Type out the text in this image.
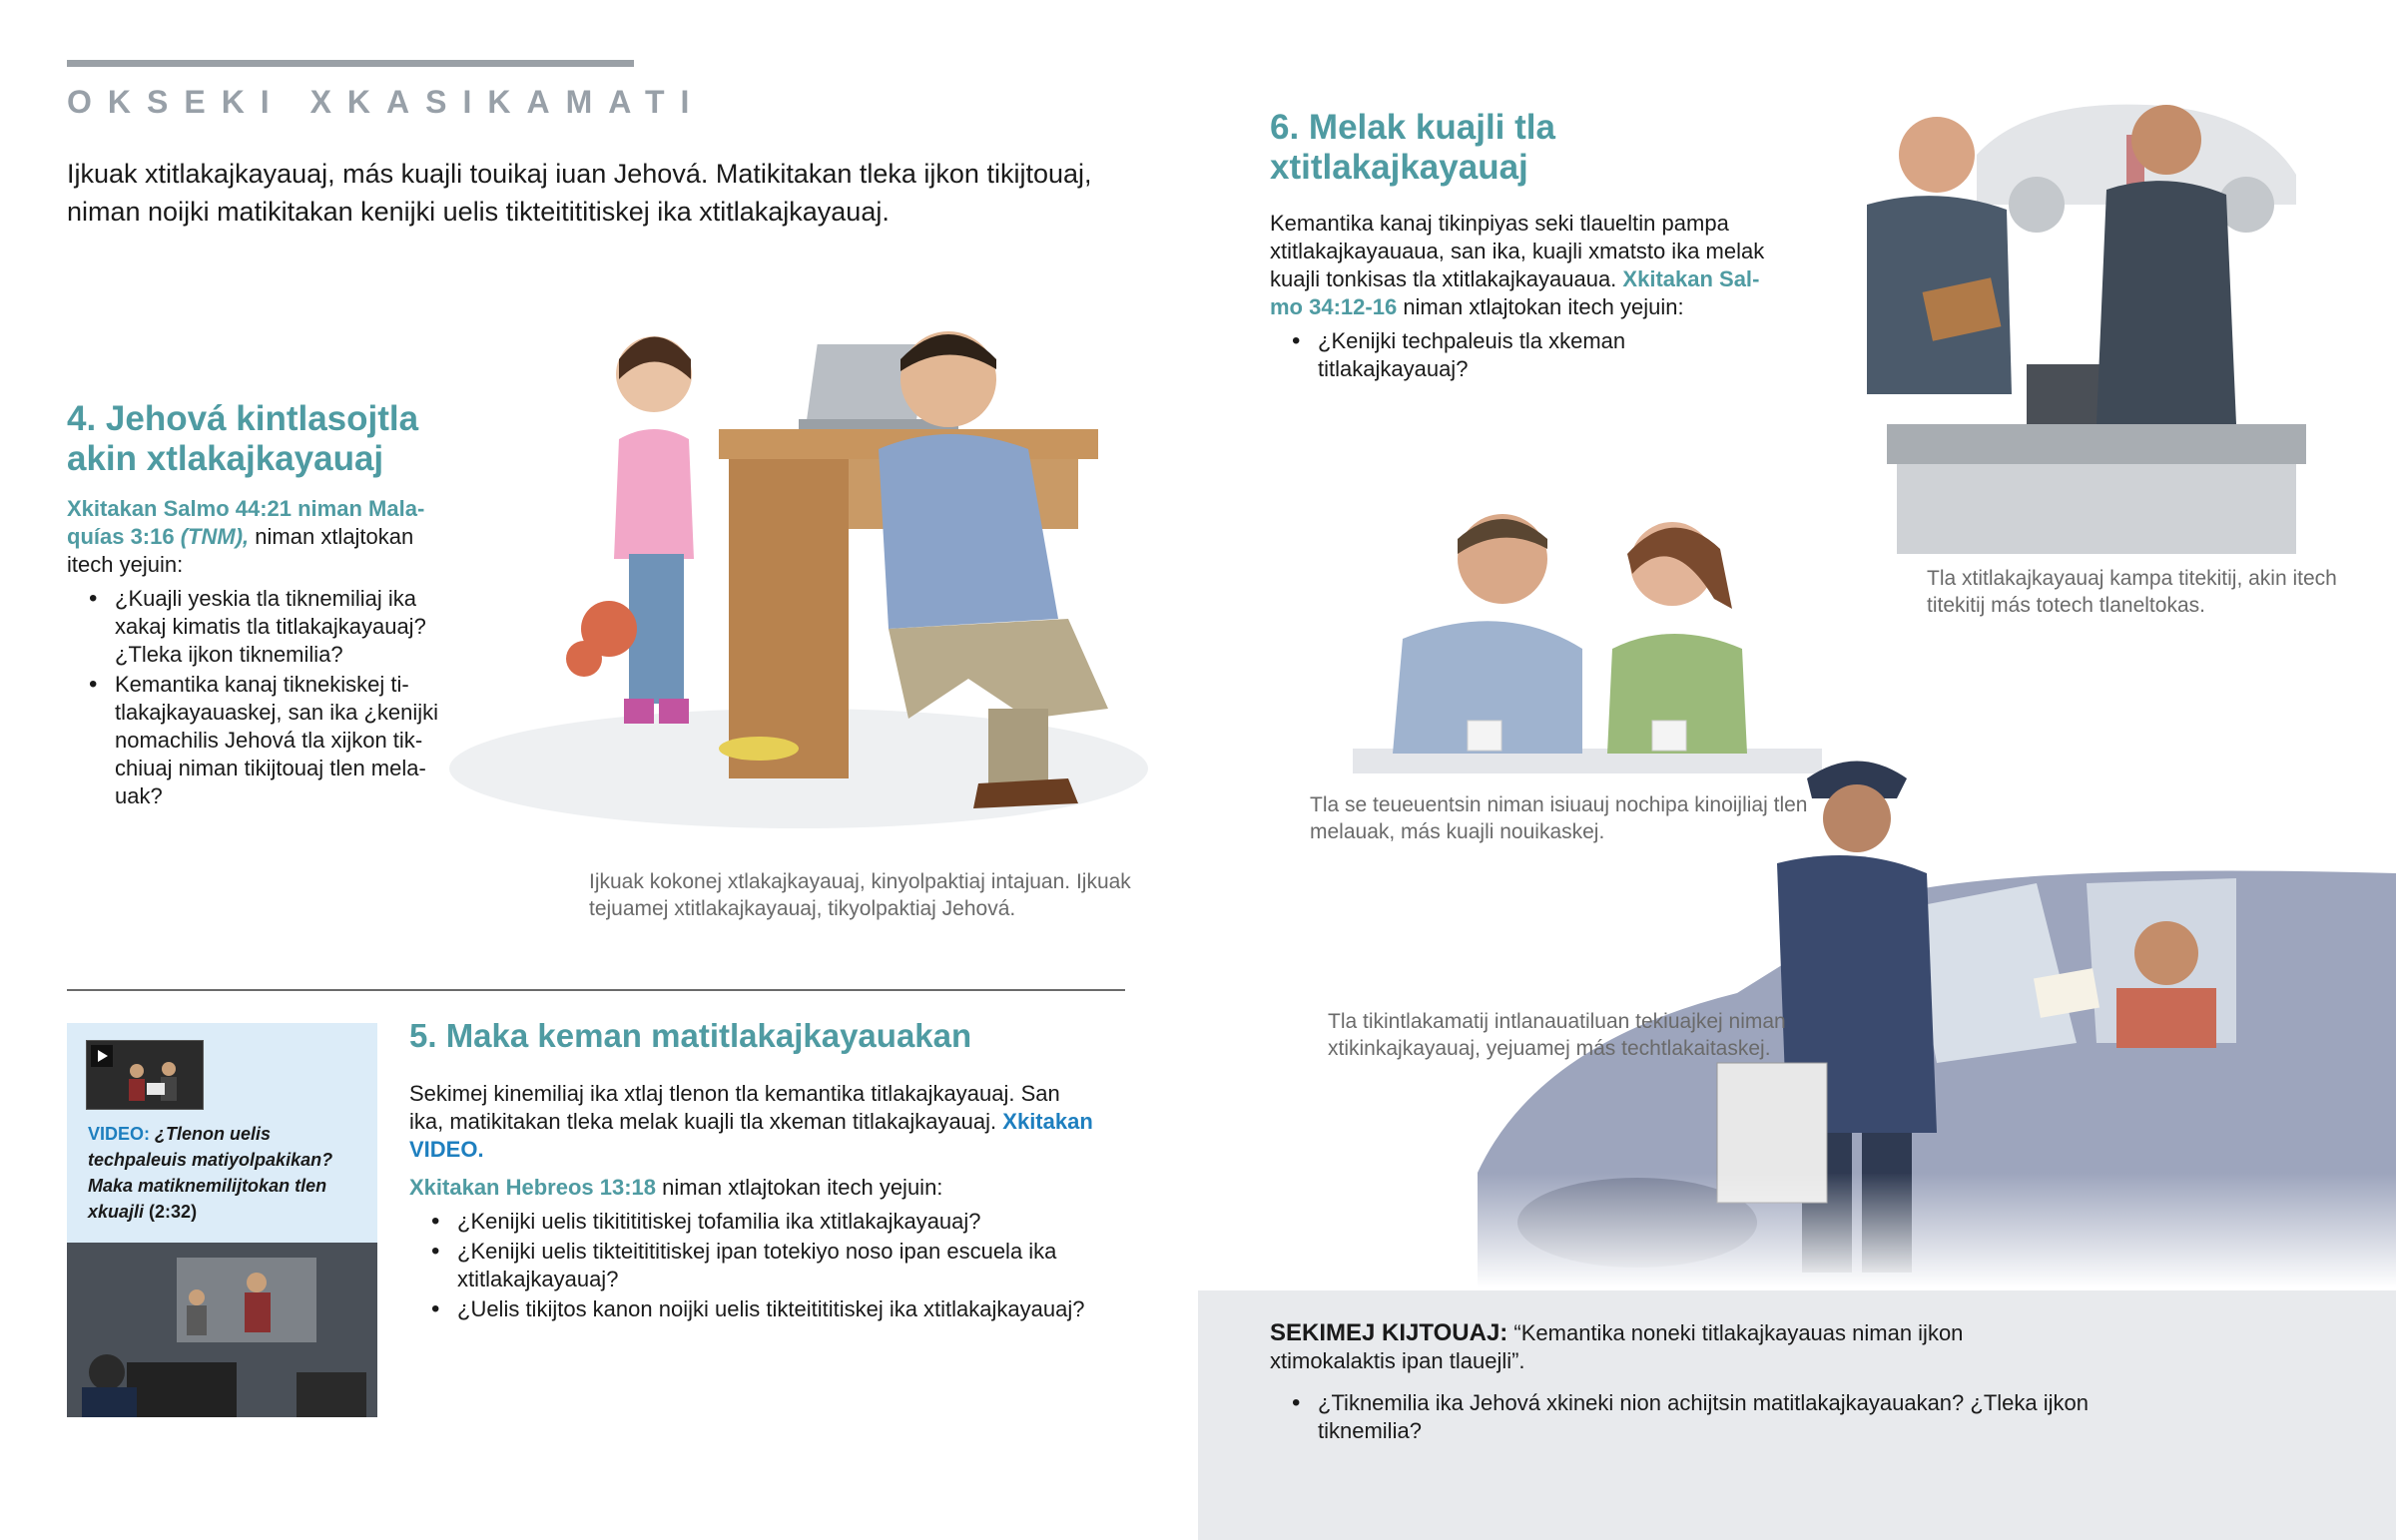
OKSEKI XKASIKAMATI
Ijkuak xtitlakajkayauaj, más kuajli touikaj iuan Jehová. Matikitakan tleka ijkon tikijtouaj, niman noijki matikitakan kenijki uelis tikteitititiskej ika xtitlakajkayauaj.
4. Jehová kintlasojtla akin xtlakajkayauaj
Xkitakan Salmo 44:21 niman Malaquías 3:16 (TNM), niman xtlajtokan itech yejuin:
• ¿Kuajli yeskia tla tiknemiliaj ika xakaj kimatis tla titlakajkayauaj? ¿Tleka ijkon tiknemilia?
• Kemantika kanaj tiknekiskej titlakajkayauaskej, san ika ¿kenijki nomachilis Jehová tla xijkon tikchiuaj niman tikijtouaj tlen melauak?
Ijkuak kokonej xtlakajkayauaj, kinyolpaktiaj intajuan. Ijkuak tejuamej xtitlakajkayauaj, tikyolpaktiaj Jehová.
VIDEO: ¿Tlenon uelis techpaleuis matiyolpakikan? Maka matiknemilijtokan tlen xkuajli (2:32)
5. Maka keman matitlakajkayauakan
Sekimej kinemiliaj ika xtlaj tlenon tla kemantika titlakajkayauaj. San ika, matikitakan tleka melak kuajli tla xkeman titlakajkayauaj. Xkitakan VIDEO.
Xkitakan Hebreos 13:18 niman xtlajtokan itech yejuin:
• ¿Kenijki uelis tikitititiskej tofamilia ika xtitlakajkayauaj?
• ¿Kenijki uelis tikteitititiskej ipan totekiyo noso ipan escuela ika xtitlakajkayauaj?
• ¿Uelis tikijtos kanon noijki uelis tikteitititiskej ika xtitlakajkayauaj?
6. Melak kuajli tla xtitlakajkayauaj
Kemantika kanaj tikinpiyas seki tlaueltin pampa xtitlakajkayauaua, san ika, kuajli xmatsto ika melak kuajli tonkisas tla xtitlakajkayauaua. Xkitakan Salmo 34:12-16 niman xtlajtokan itech yejuin:
• ¿Kenijki techpaleuis tla xkeman titlakajkayauaj?
Tla xtitlakajkayauaj kampa titekitij, akin itech titekitij más totech tlaneltokas.
Tla se teueuentsin niman isiuauj nochipa kinoijliaj tlen melauak, más kuajli nouikaskej.
Tla tikintlakamatij intlanauatiluan tekiuajkej niman xtikinkajkayauaj, yejuamej más techtlakaitaskej.
SEKIMEJ KIJTOUAJ: “Kemantika noneki titlakajkayauas niman ijkon xtimokalaktis ipan tlauejli”.
• ¿Tiknemilia ika Jehová xkineki nion achijtsin matitlakajkayauakan? ¿Tleka ijkon tiknemilia?
